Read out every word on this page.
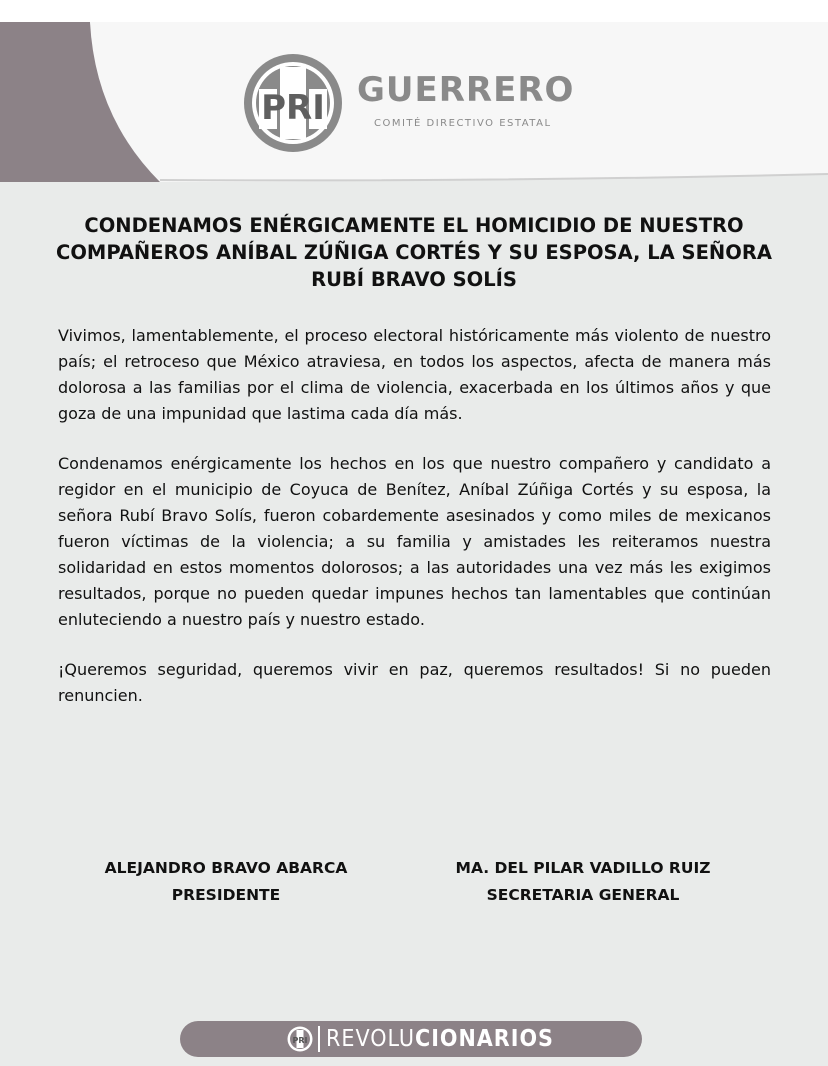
PRI GUERRERO
COMITÉ DIRECTIVO ESTATAL
CONDENAMOS ENÉRGICAMENTE EL HOMICIDIO DE NUESTRO
COMPAÑEROS ANÍBAL ZÚÑIGA CORTÉS Y SU ESPOSA, LA SEÑORA
RUBÍ BRAVO SOLÍS
Vivimos, lamentablemente, el proceso electoral históricamente más violento de nuestro país; el retroceso que México atraviesa, en todos los aspectos, afecta de manera más dolorosa a las familias por el clima de violencia, exacerbada en los últimos años y que goza de una impunidad que lastima cada día más.
Condenamos enérgicamente los hechos en los que nuestro compañero y candidato a regidor en el municipio de Coyuca de Benítez, Aníbal Zúñiga Cortés y su esposa, la señora Rubí Bravo Solís, fueron cobardemente asesinados y como miles de mexicanos fueron víctimas de la violencia; a su familia y amistades les reiteramos nuestra solidaridad en estos momentos dolorosos; a las autoridades una vez más les exigimos resultados, porque no pueden quedar impunes hechos tan lamentables que continúan enluteciendo a nuestro país y nuestro estado.
¡Queremos seguridad, queremos vivir en paz, queremos resultados! Si no pueden renuncien.
ALEJANDRO BRAVO ABARCA
PRESIDENTE
MA. DEL PILAR VADILLO RUIZ
SECRETARIA GENERAL
PRI REVOLUCIONARIOS
